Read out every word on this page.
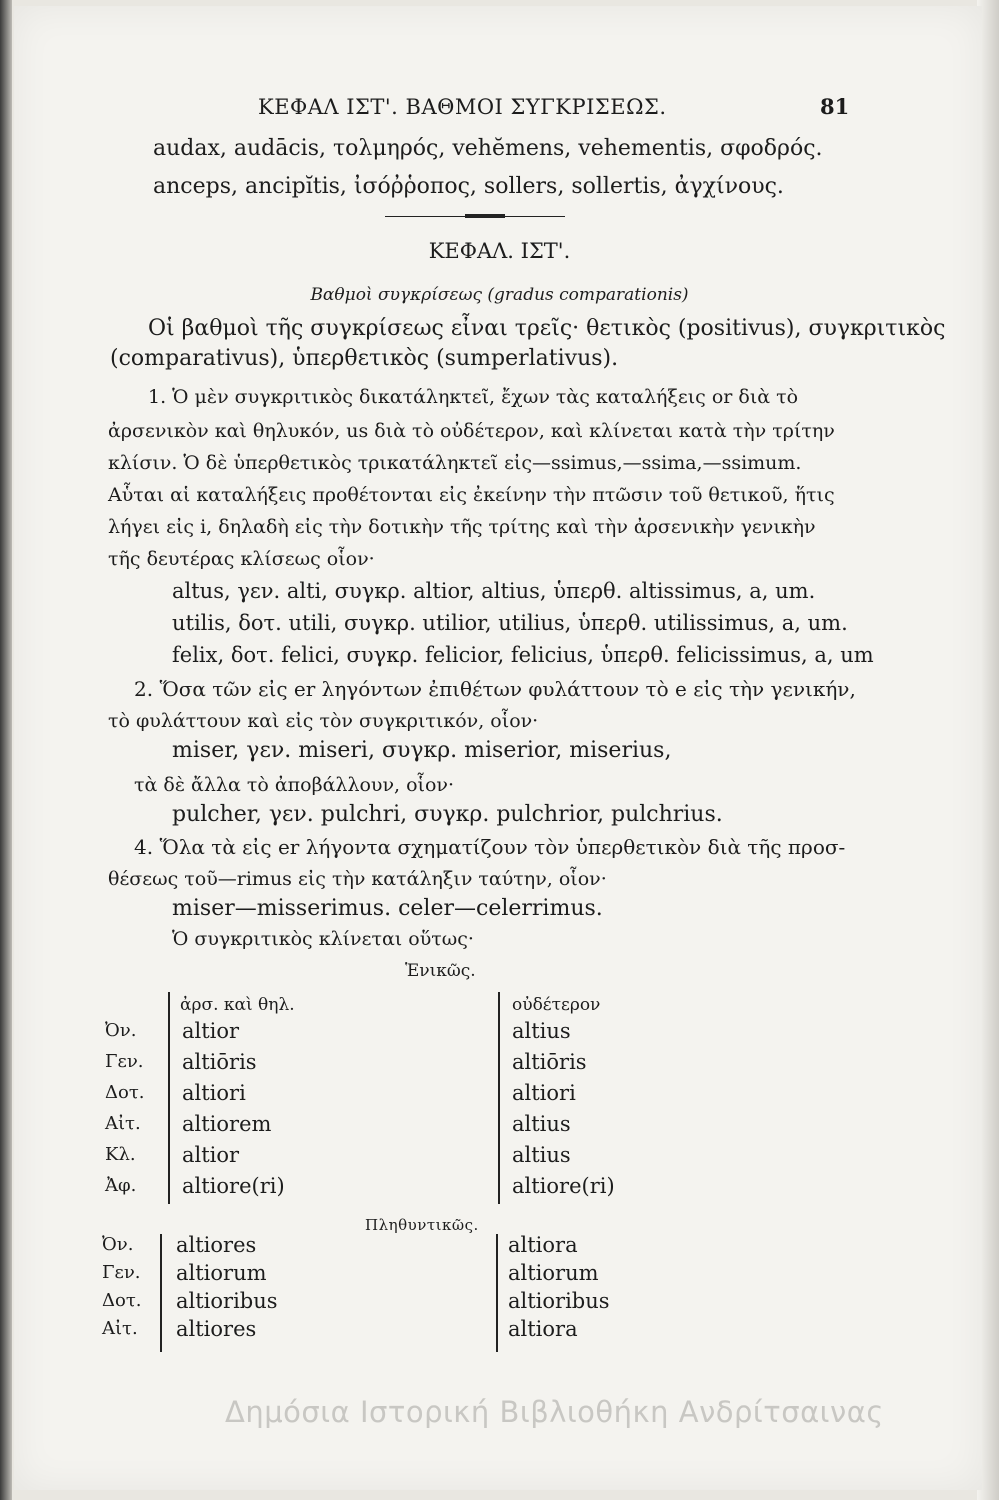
ΚΕΦΑΛ ΙΣΤ'. ΒΑΘΜΟΙ ΣΥΓΚΡΙΣΕΩΣ.	81
audax, audācis, τολμηρός, vehĕmens, vehementis, σφοδρός.
anceps, ancipĭtis, ἰσόῤῥοπος, sollers, sollertis, ἀγχίνους.
ΚΕΦΑΛ. ΙΣΤ'.
Βαθμοὶ συγκρίσεως (gradus comparationis)
Οἱ βαθμοὶ τῆς συγκρίσεως εἶναι τρεῖς· θετικὸς (positivus), συγκριτικὸς
(comparativus), ὑπερθετικὸς (sumperlativus).
1. Ὁ μὲν συγκριτικὸς δικατάληκτεῖ, ἔχων τὰς καταλήξεις or διὰ τὸ
ἀρσενικὸν καὶ θηλυκόν, us διὰ τὸ οὐδέτερον, καὶ κλίνεται κατὰ τὴν τρίτην
κλίσιν. Ὁ δὲ ὑπερθετικὸς τρικατάληκτεῖ εἰς—ssimus,—ssima,—ssimum.
Αὗται αἱ καταλήξεις προθέτονται εἰς ἐκείνην τὴν πτῶσιν τοῦ θετικοῦ, ἥτις
λήγει εἰς i, δηλαδὴ εἰς τὴν δοτικὴν τῆς τρίτης καὶ τὴν ἀρσενικὴν γενικὴν
τῆς δευτέρας κλίσεως οἷον·
altus, γεν. alti, συγκρ. altior, altius, ὑπερθ. altissimus, a, um.
utilis, δοτ. utili, συγκρ. utilior, utilius, ὑπερθ. utilissimus, a, um.
felix, δοτ. felici, συγκρ. felicior, felicius, ὑπερθ. felicissimus, a, um
2. Ὅσα τῶν εἰς er ληγόντων ἐπιθέτων φυλάττουν τὸ e εἰς τὴν γενικήν,
τὸ φυλάττουν καὶ εἰς τὸν συγκριτικόν, οἷον·
miser, γεν. miseri, συγκρ. miserior, miserius,
τὰ δὲ ἄλλα τὸ ἀποβάλλουν, οἷον·
pulcher, γεν. pulchri, συγκρ. pulchrior, pulchrius.
4. Ὅλα τὰ εἰς er λήγοντα σχηματίζουν τὸν ὑπερθετικὸν διὰ τῆς προσ-
θέσεως τοῦ—rimus εἰς τὴν κατάληξιν ταύτην, οἷον·
miser—misserimus. celer—celerrimus.
Ὁ συγκριτικὸς κλίνεται οὕτως·
Ἑνικῶς.
ἀρσ. καὶ θηλ.	οὐδέτερον
Ὀν. altior	altius
Γεν. altiōris	altiōris
Δοτ. altiori	altiori
Αἰτ. altiorem	altius
Κλ. altior	altius
Ἀφ. altiore(ri)	altiore(ri)
Πληθυντικῶς.
Ὀν. altiores	altiora
Γεν. altiorum	altiorum
Δοτ. altioribus	altioribus
Αἰτ. altiores	altiora
Δημόσια Ιστορική Βιβλιοθήκη Ανδρίτσαινας
